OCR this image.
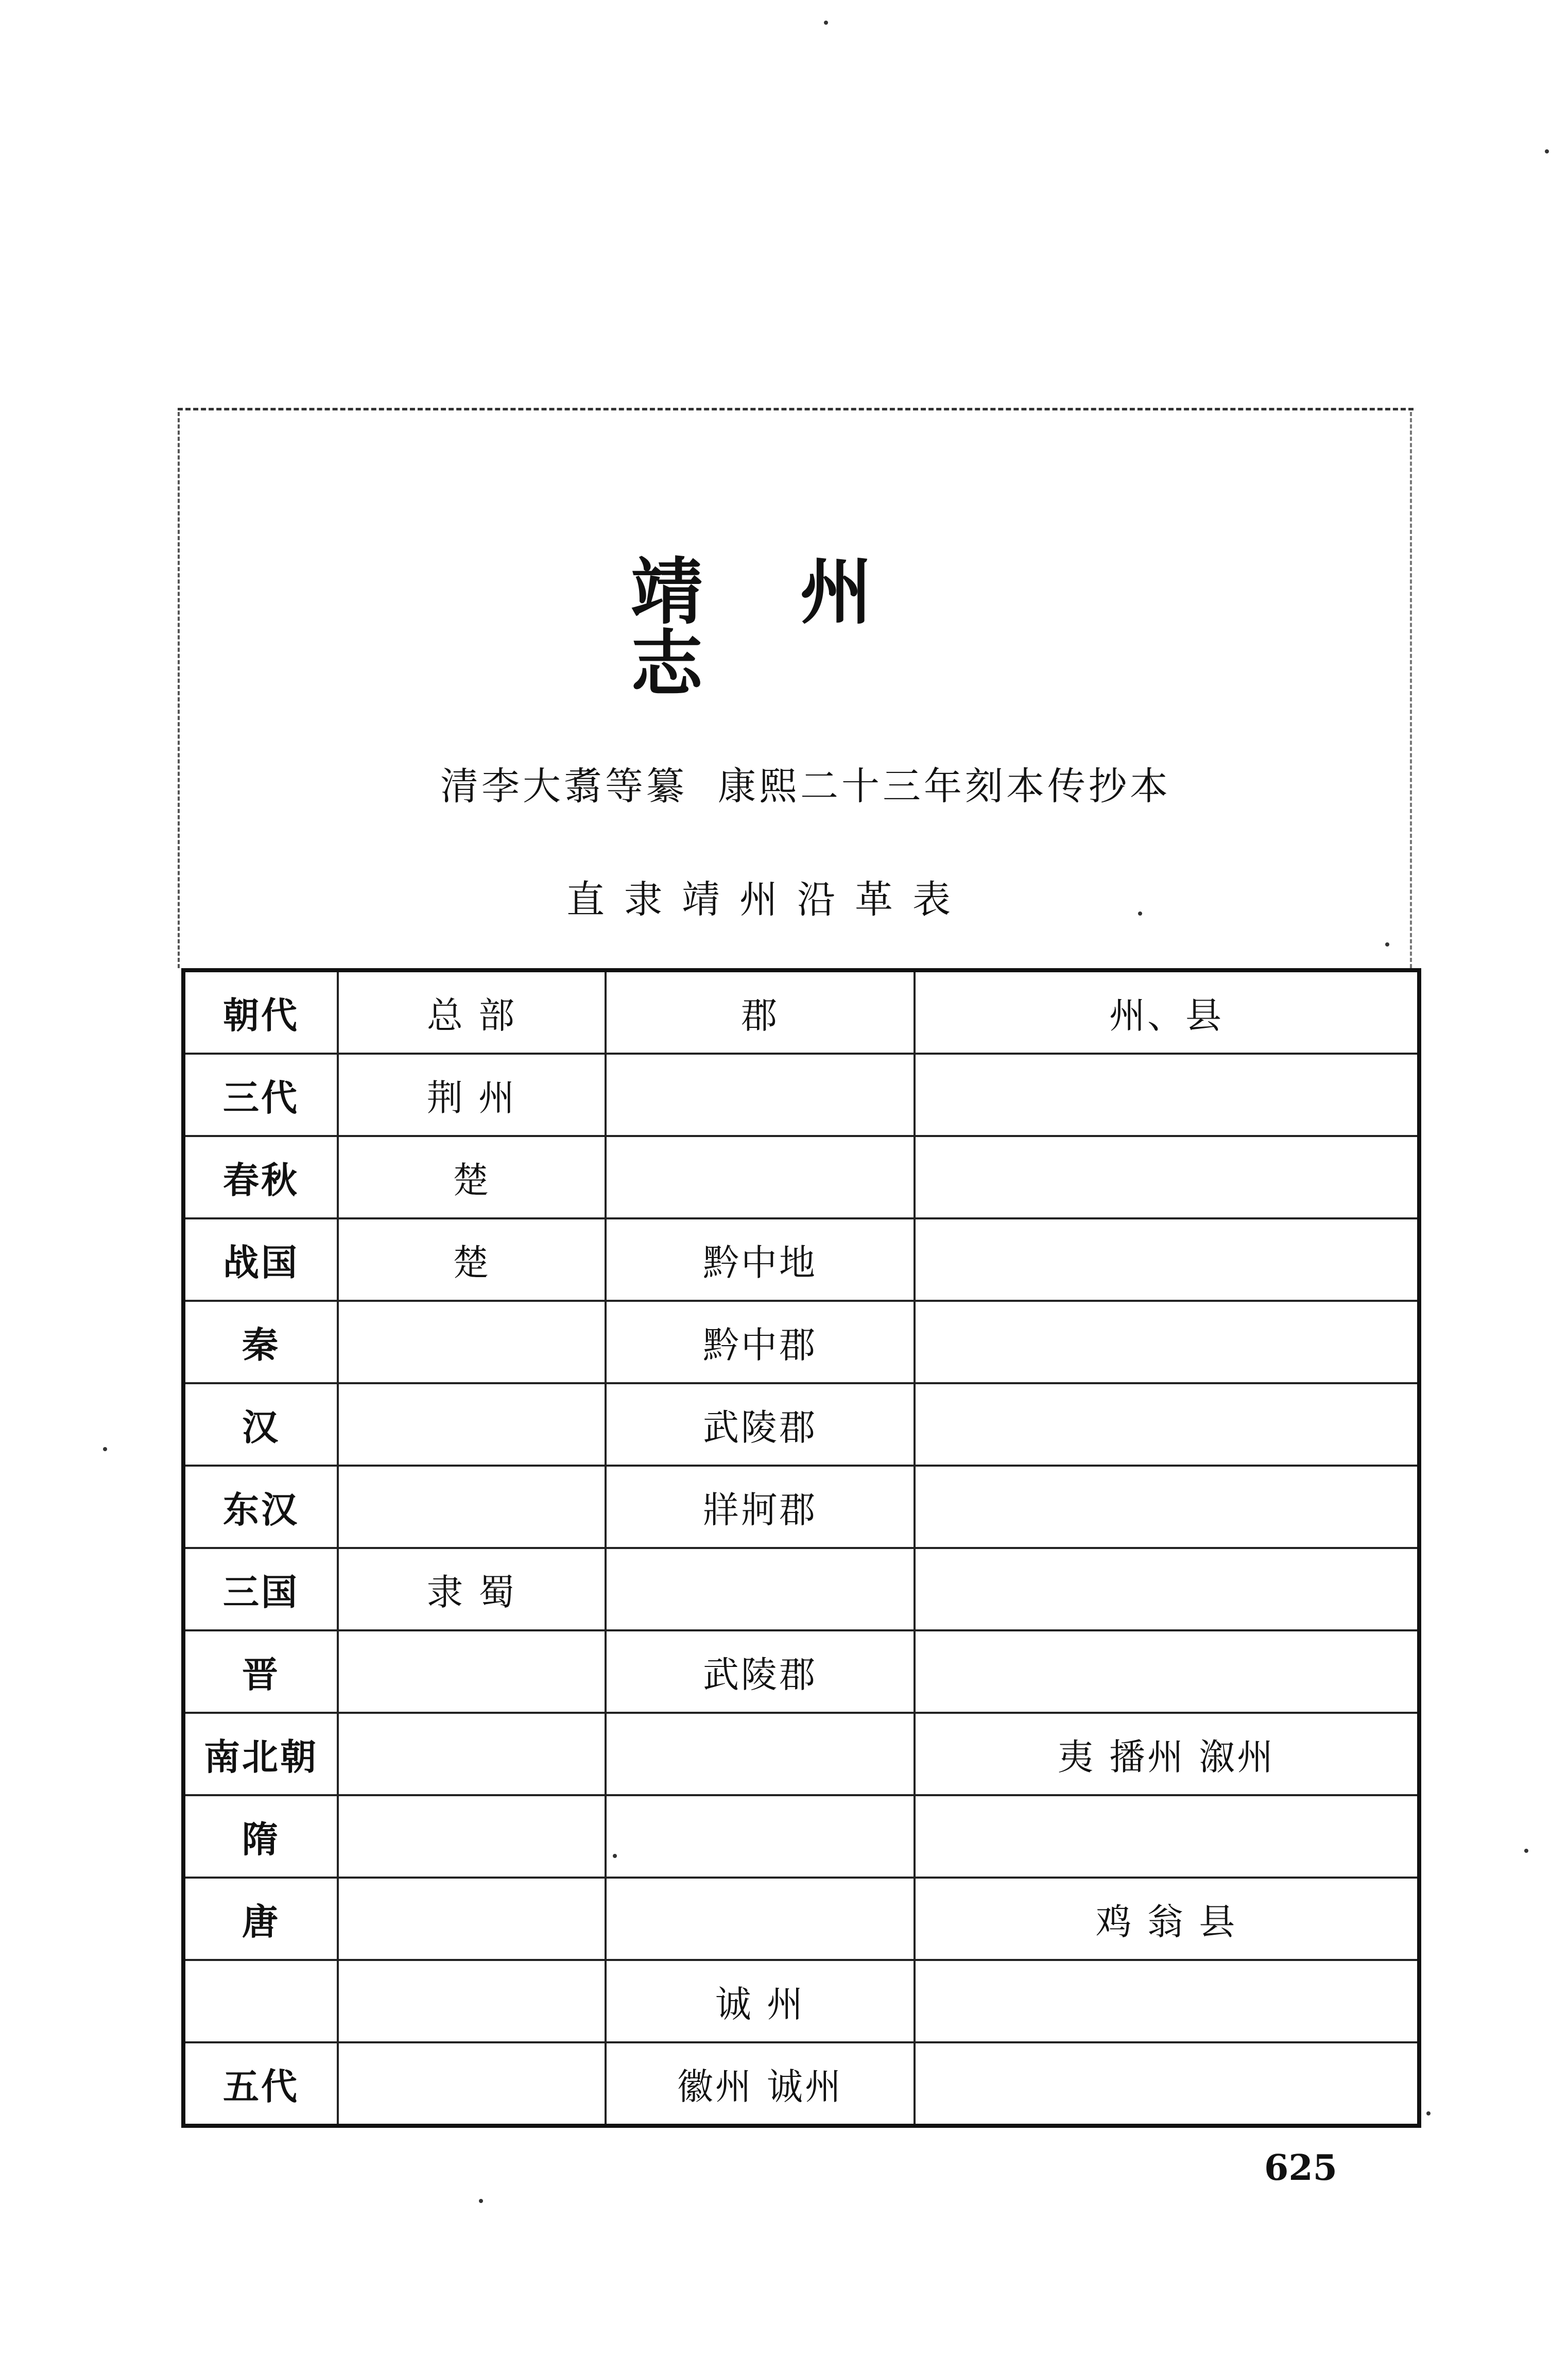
靖 州 志
清李大翥等纂  康熙二十三年刻本传抄本
直隶靖州沿革表
朝代	总 部	郡	州、县
三代	荆 州		
春秋	楚		
战国	楚	黔中地	
秦		黔中郡	
汉		武陵郡	
东汉		牂牁郡	
三国	隶 蜀		
晋		武陵郡	
南北朝			夷 播州 溆州
隋			
唐			鸡 翁 县
		诚 州	
五代		徽州 诚州	
625
